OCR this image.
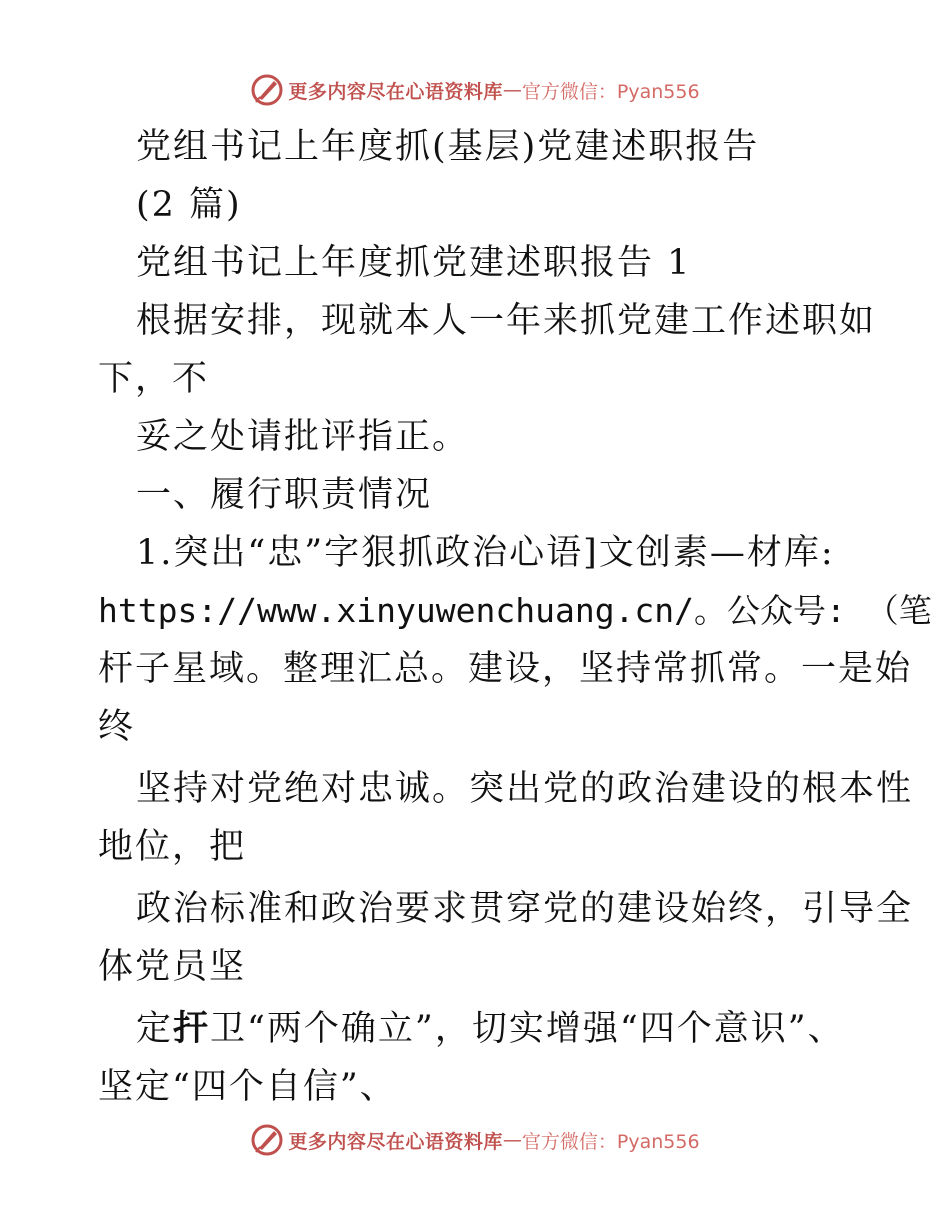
更多内容尽在心语资料库 — 官方微信：Pyan556
党组书记上年度抓(基层)党建述职报告
(2 篇)
党组书记上年度抓党建述职报告 1
根据安排，现就本人一年来抓党建工作述职如
下，不
妥之处请批评指正。
一、履行职责情况
1.突出“忠”字狠抓政治心语]文创素—材库:
https://www.xinyuwenchuang.cn/。公众号: （笔
杆子星域。整理汇总。建设，坚持常抓常。一是始
终
坚持对党绝对忠诚。突出党的政治建设的根本性
地位，把
政治标准和政治要求贯穿党的建设始终，引导全
体党员坚
定扞卫“两个确立”，切实增强“四个意识”、
坚定“四个自信”、
更多内容尽在心语资料库 — 官方微信：Pyan556
